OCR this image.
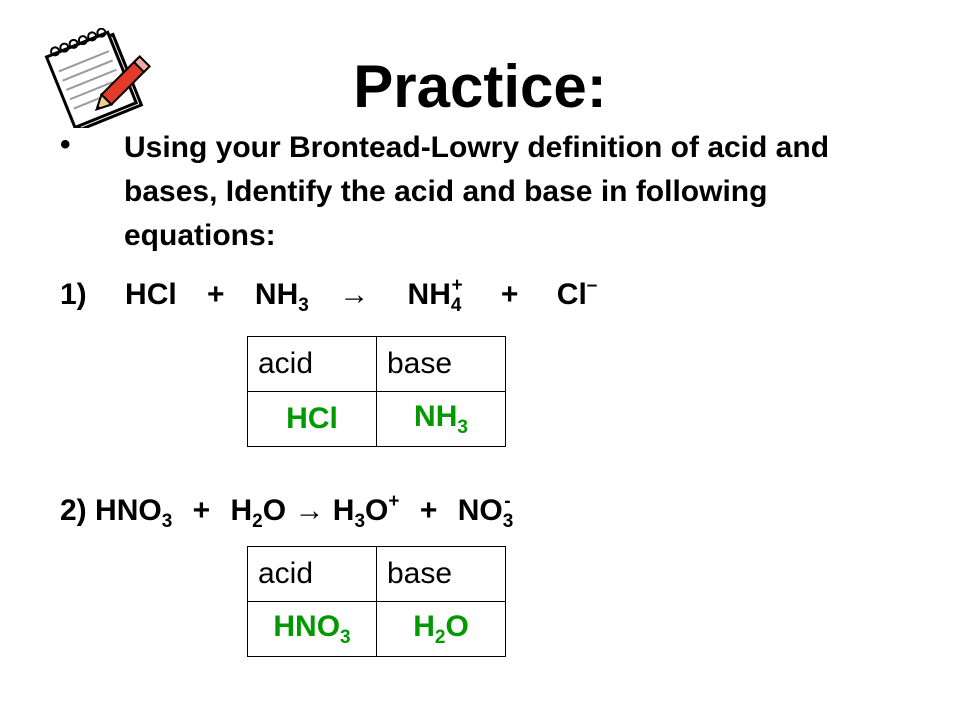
Practice:
• Using your Brontead-Lowry definition of acid and bases, Identify the acid and base in following equations:
1) HCl + $NH_3 \to NH_4^+ + Cl^-$
acid	base
HCl	$NH_3$
2) $HNO_3 + H_2O \to H_3O^+ + NO_3^-$
acid	base
$HNO_3$	$H_2O$
